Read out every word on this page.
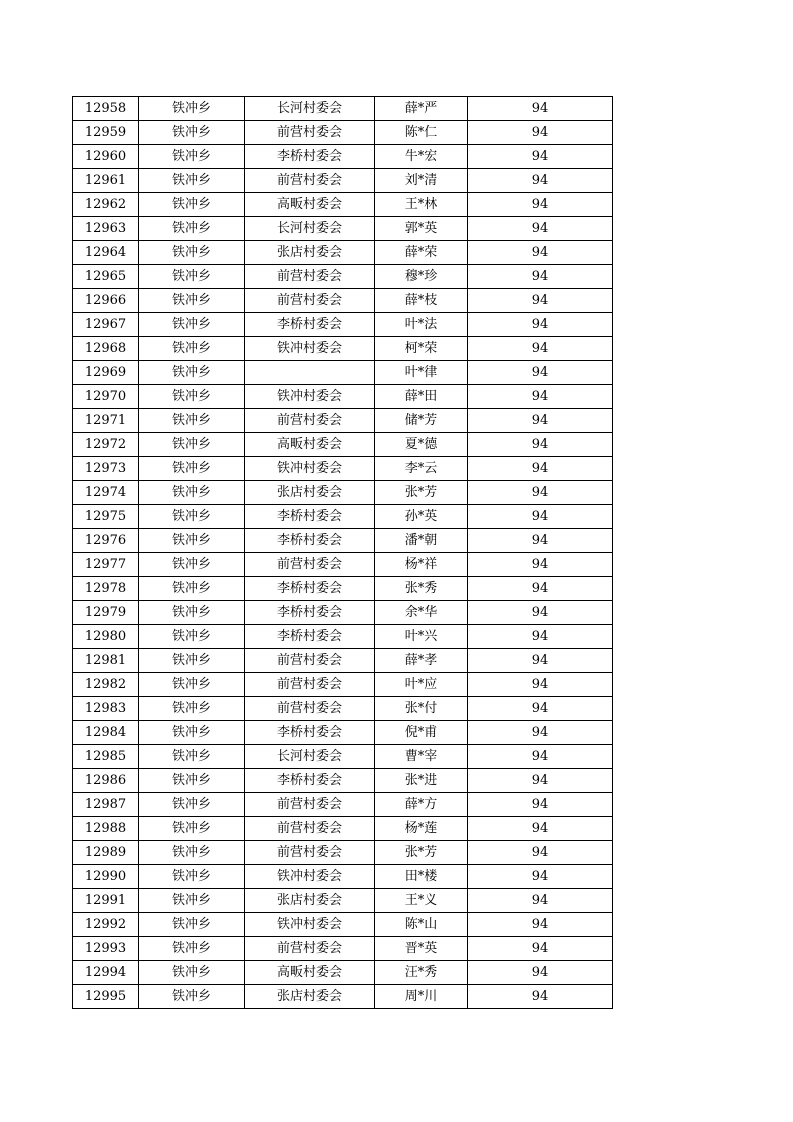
12958	铁冲乡	长河村委会	薛*严	94
12959	铁冲乡	前营村委会	陈*仁	94
12960	铁冲乡	李桥村委会	牛*宏	94
12961	铁冲乡	前营村委会	刘*清	94
12962	铁冲乡	高畈村委会	王*林	94
12963	铁冲乡	长河村委会	郭*英	94
12964	铁冲乡	张店村委会	薛*荣	94
12965	铁冲乡	前营村委会	穆*珍	94
12966	铁冲乡	前营村委会	薛*枝	94
12967	铁冲乡	李桥村委会	叶*法	94
12968	铁冲乡	铁冲村委会	柯*荣	94
12969	铁冲乡		叶*律	94
12970	铁冲乡	铁冲村委会	薛*田	94
12971	铁冲乡	前营村委会	储*芳	94
12972	铁冲乡	高畈村委会	夏*德	94
12973	铁冲乡	铁冲村委会	李*云	94
12974	铁冲乡	张店村委会	张*芳	94
12975	铁冲乡	李桥村委会	孙*英	94
12976	铁冲乡	李桥村委会	潘*朝	94
12977	铁冲乡	前营村委会	杨*祥	94
12978	铁冲乡	李桥村委会	张*秀	94
12979	铁冲乡	李桥村委会	余*华	94
12980	铁冲乡	李桥村委会	叶*兴	94
12981	铁冲乡	前营村委会	薛*孝	94
12982	铁冲乡	前营村委会	叶*应	94
12983	铁冲乡	前营村委会	张*付	94
12984	铁冲乡	李桥村委会	倪*甫	94
12985	铁冲乡	长河村委会	曹*宰	94
12986	铁冲乡	李桥村委会	张*进	94
12987	铁冲乡	前营村委会	薛*方	94
12988	铁冲乡	前营村委会	杨*莲	94
12989	铁冲乡	前营村委会	张*芳	94
12990	铁冲乡	铁冲村委会	田*楼	94
12991	铁冲乡	张店村委会	王*义	94
12992	铁冲乡	铁冲村委会	陈*山	94
12993	铁冲乡	前营村委会	晋*英	94
12994	铁冲乡	高畈村委会	汪*秀	94
12995	铁冲乡	张店村委会	周*川	94
